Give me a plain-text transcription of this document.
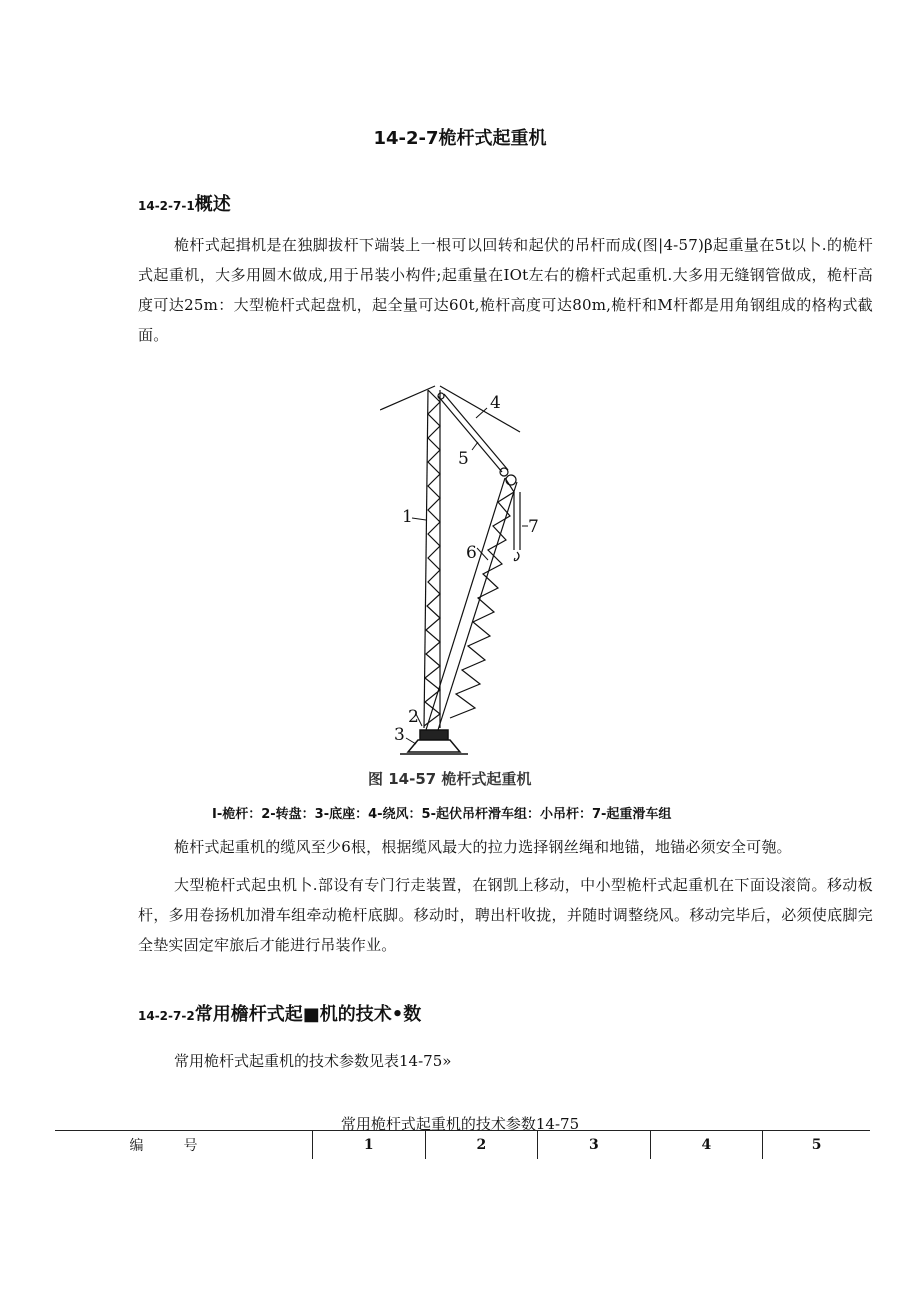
14-2-7桅杆式起重机
14-2-7-1概述
桅杆式起揖机是在独脚拔杆下端装上一根可以回转和起伏的吊杆而成(图|4-57)β起重量在5t以卜.的桅杆式起重机，大多用圆木做成,用于吊装小构件;起重量在IOt左右的檐杆式起重机.大多用无缝钢管做成，桅杆高度可达25m：大型桅杆式起盘机，起全量可达60t,桅杆高度可达80m,桅杆和M杆都是用角钢组成的格构式截面。
1
2
3
4
5
6
7
图 14-57 桅杆式起重机
I-桅杆：2-转盘：3-底座：4-绕风：5-起伏吊杆滑车组：小吊杆：7-起重滑车组
桅杆式起重机的缆风至少6根，根据缆风最大的拉力选择钢丝绳和地锚，地锚必须安全可匏。
大型桅杆式起虫机卜.部设有专门行走装置，在钢凯上移动，中小型桅杆式起重机在下面设滚筒。移动板杆，多用卷扬机加滑车组牵动桅杆底脚。移动时，聘出杆收拢，并随时调整绕风。移动完毕后，必须使底脚完全垫实固定牢旅后才能进行吊装作业。
14-2-7-2常用檐杆式起■机的技术•数
常用桅杆式起重机的技术参数见表14-75»
常用桅杆式起重机的技术参数14-75
编号	1	2	3	4	5
